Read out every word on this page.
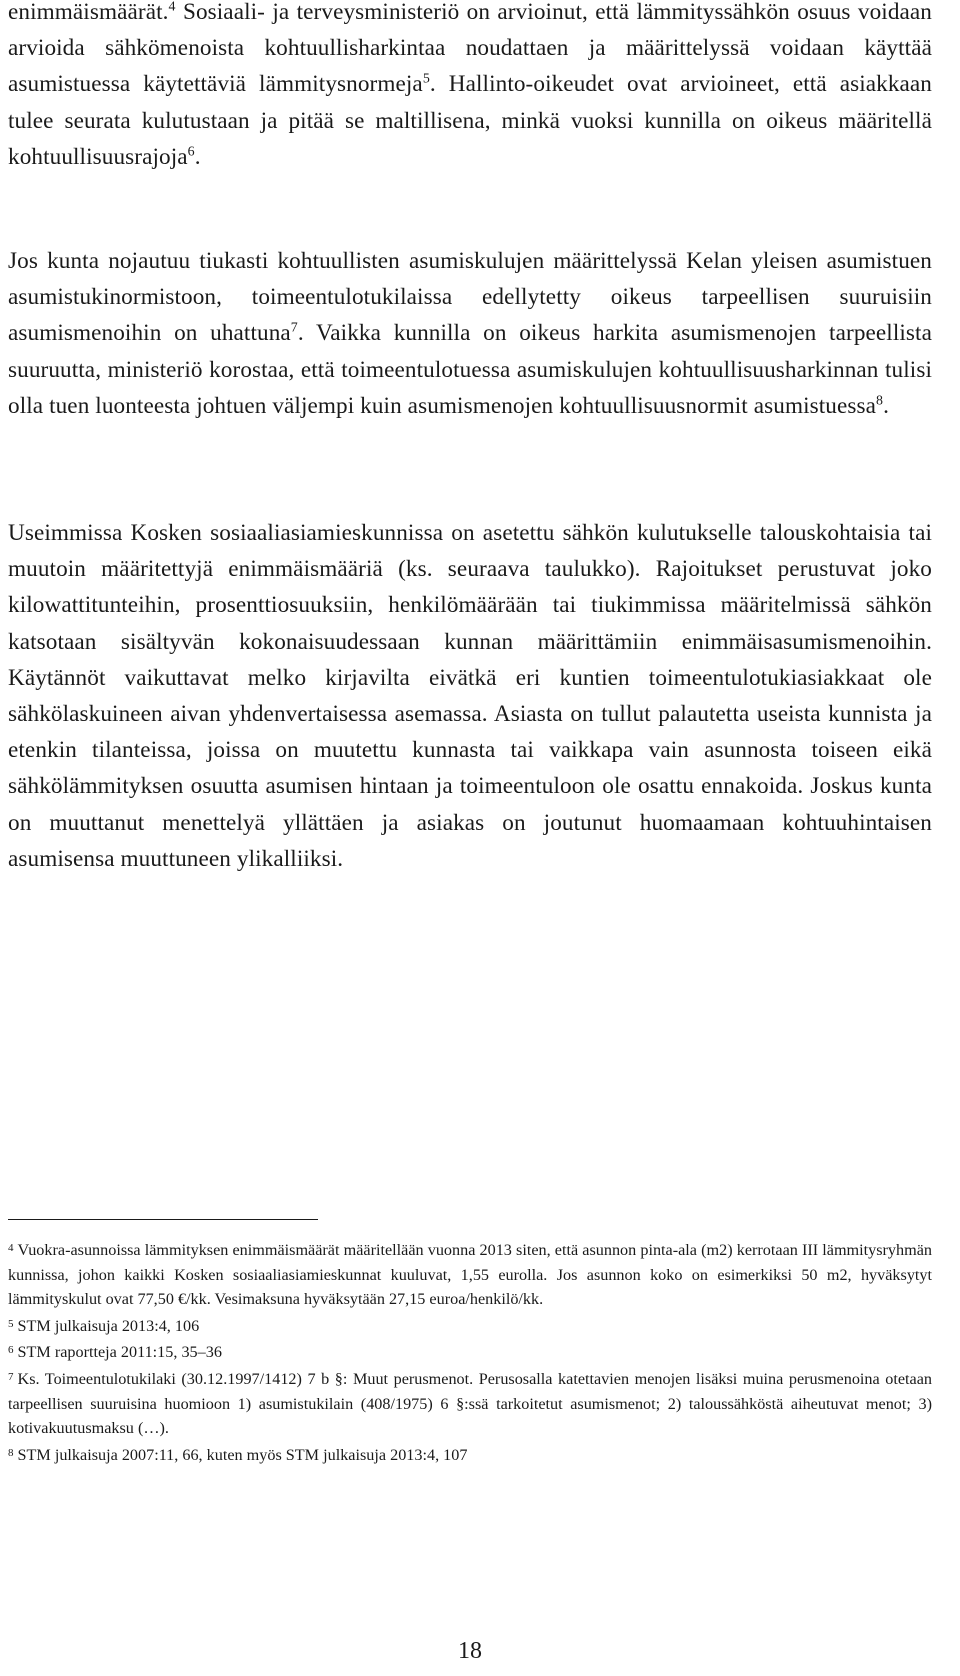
enimmäismäärät.$^4$ Sosiaali- ja terveysministeriö on arvioinut, että lämmityssähkön osuus voidaan arvioida sähkömenoista kohtuullisharkintaa noudattaen ja määrittelyssä voidaan käyttää asumistuessa käytettäviä lämmitysnormeja$^5$. Hallinto-oikeudet ovat arvioineet, että asiakkaan tulee seurata kulutustaan ja pitää se maltillisena, minkä vuoksi kunnilla on oikeus määritellä kohtuullisuusrajoja$^6$.

Jos kunta nojautuu tiukasti kohtuullisten asumiskulujen määrittelyssä Kelan yleisen asumistuen asumistukinormistoon, toimeentulotukilaissa edellytetty oikeus tarpeellisen suuruisiin asumismenoihin on uhattuna$^7$. Vaikka kunnilla on oikeus harkita asumismenojen tarpeellista suuruutta, ministeriö korostaa, että toimeentulotuessa asumiskulujen kohtuullisuusharkinnan tulisi olla tuen luonteesta johtuen väljempi kuin asumismenojen kohtuullisuusnormit asumistuessa$^8$.

Useimmissa Kosken sosiaaliasiamieskunnissa on asetettu sähkön kulutukselle talouskohtaisia tai muutoin määritettyjä enimmäismääriä (ks. seuraava taulukko). Rajoitukset perustuvat joko kilowattitunteihin, prosenttiosuuksiin, henkilömäärään tai tiukimmissa määritelmissä sähkön katsotaan sisältyvän kokonaisuudessaan kunnan määrittämiin enimmäisasumismenoihin. Käytännöt vaikuttavat melko kirjavilta eivätkä eri kuntien toimeentulotukiasiakkaat ole sähkölaskuineen aivan yhdenvertaisessa asemassa. Asiasta on tullut palautetta useista kunnista ja etenkin tilanteissa, joissa on muutettu kunnasta tai vaikkapa vain asunnosta toiseen eikä sähkölämmityksen osuutta asumisen hintaan ja toimeentuloon ole osattu ennakoida. Joskus kunta on muuttanut menettelyä yllättäen ja asiakas on joutunut huomaamaan kohtuuhintaisen asumisensa muuttuneen ylikalliiksi.

$^4$ Vuokra-asunnoissa lämmityksen enimmäismäärät määritellään vuonna 2013 siten, että asunnon pinta-ala (m2) kerrotaan III lämmitysryhmän kunnissa, johon kaikki Kosken sosiaaliasiamieskunnat kuuluvat, 1,55 eurolla. Jos asunnon koko on esimerkiksi 50 m2, hyväksytyt lämmityskulut ovat 77,50 €/kk. Vesimaksuna hyväksytään 27,15 euroa/henkilö/kk.

$^5$ STM julkaisuja 2013:4, 106

$^6$ STM raportteja 2011:15, 35–36

$^7$ Ks. Toimeentulotukilaki (30.12.1997/1412) 7 b §: Muut perusmenot. Perusosalla katettavien menojen lisäksi muina perusmenoina otetaan tarpeellisen suuruisina huomioon 1) asumistukilain (408/1975) 6 §:ssä tarkoitetut asumismenot; 2) taloussähköstä aiheutuvat menot; 3) kotivakuutusmaksu (…).

$^8$ STM julkaisuja 2007:11, 66, kuten myös STM julkaisuja 2013:4, 107

18
